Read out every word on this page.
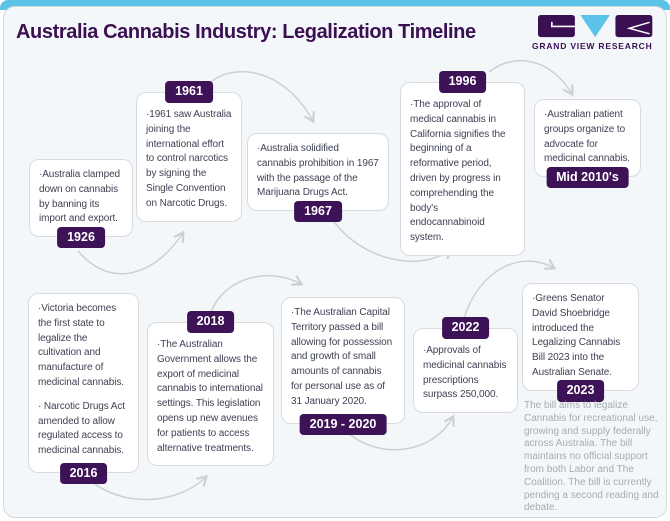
Australia Cannabis Industry: Legalization Timeline
GRAND VIEW RESEARCH

·Australia clamped down on cannabis by banning its import and export.

1926
1961

·1961 saw Australia joining the international effort to control narcotics by signing the Single Convention on Narcotic Drugs.

·Australia solidified cannabis prohibition in 1967 with the passage of the Marijuana Drugs Act.

1967
1996

·The approval of medical cannabis in California signifies the beginning of a reformative period, driven by progress in comprehending the body's endocannabinoid system.

·Australian patient groups organize to advocate for medicinal cannabis.

Mid 2010's

·Victoria becomes the first state to legalize the cultivation and manufacture of medicinal cannabis.

· Narcotic Drugs Act amended to allow regulated access to medicinal cannabis.

2016
2018

·The Australian Government allows the export of medicinal cannabis to international settings. This legislation opens up new avenues for patients to access alternative treatments.

·The Australian Capital Territory passed a bill allowing for possession and growth of small amounts of cannabis for personal use as of 31 January 2020.

2019 - 2020
2022

·Approvals of medicinal cannabis prescriptions surpass 250,000.

·Greens Senator David Shoebridge introduced the Legalizing Cannabis Bill 2023 into the Australian Senate.

2023
The bill aims to legalize Cannabis for recreational use, growing and supply federally across Australia. The bill maintains no official support from both Labor and The Coalition. The bill is currently pending a second reading and debate.
